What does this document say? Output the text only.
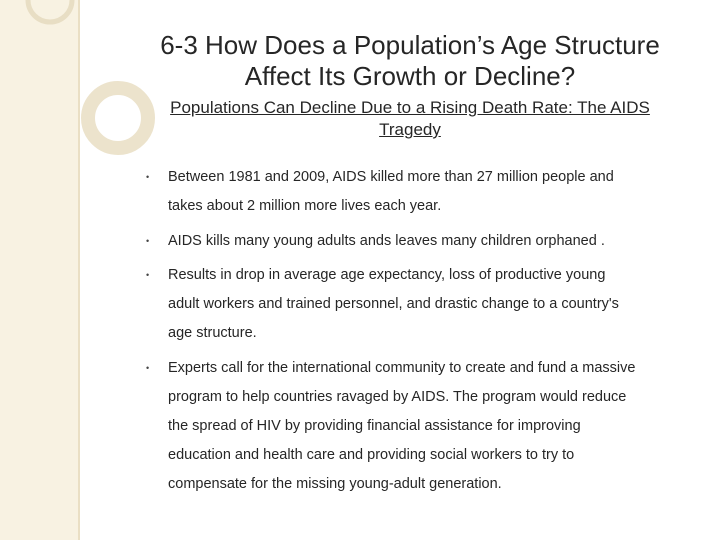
6-3 How Does a Population’s Age Structure
Affect Its Growth or Decline?
Populations Can Decline Due to a Rising Death Rate: The AIDS
Tragedy
• Between 1981 and 2009, AIDS killed more than 27 million people and
takes about 2 million more lives each year.
• AIDS kills many young adults ands leaves many children orphaned .
• Results in drop in average age expectancy, loss of productive young
adult workers and trained personnel, and drastic change to a country's
age structure.
• Experts call for the international community to create and fund a massive
program to help countries ravaged by AIDS. The program would reduce
the spread of HIV by providing financial assistance for improving
education and health care and providing social workers to try to
compensate for the missing young-adult generation.
